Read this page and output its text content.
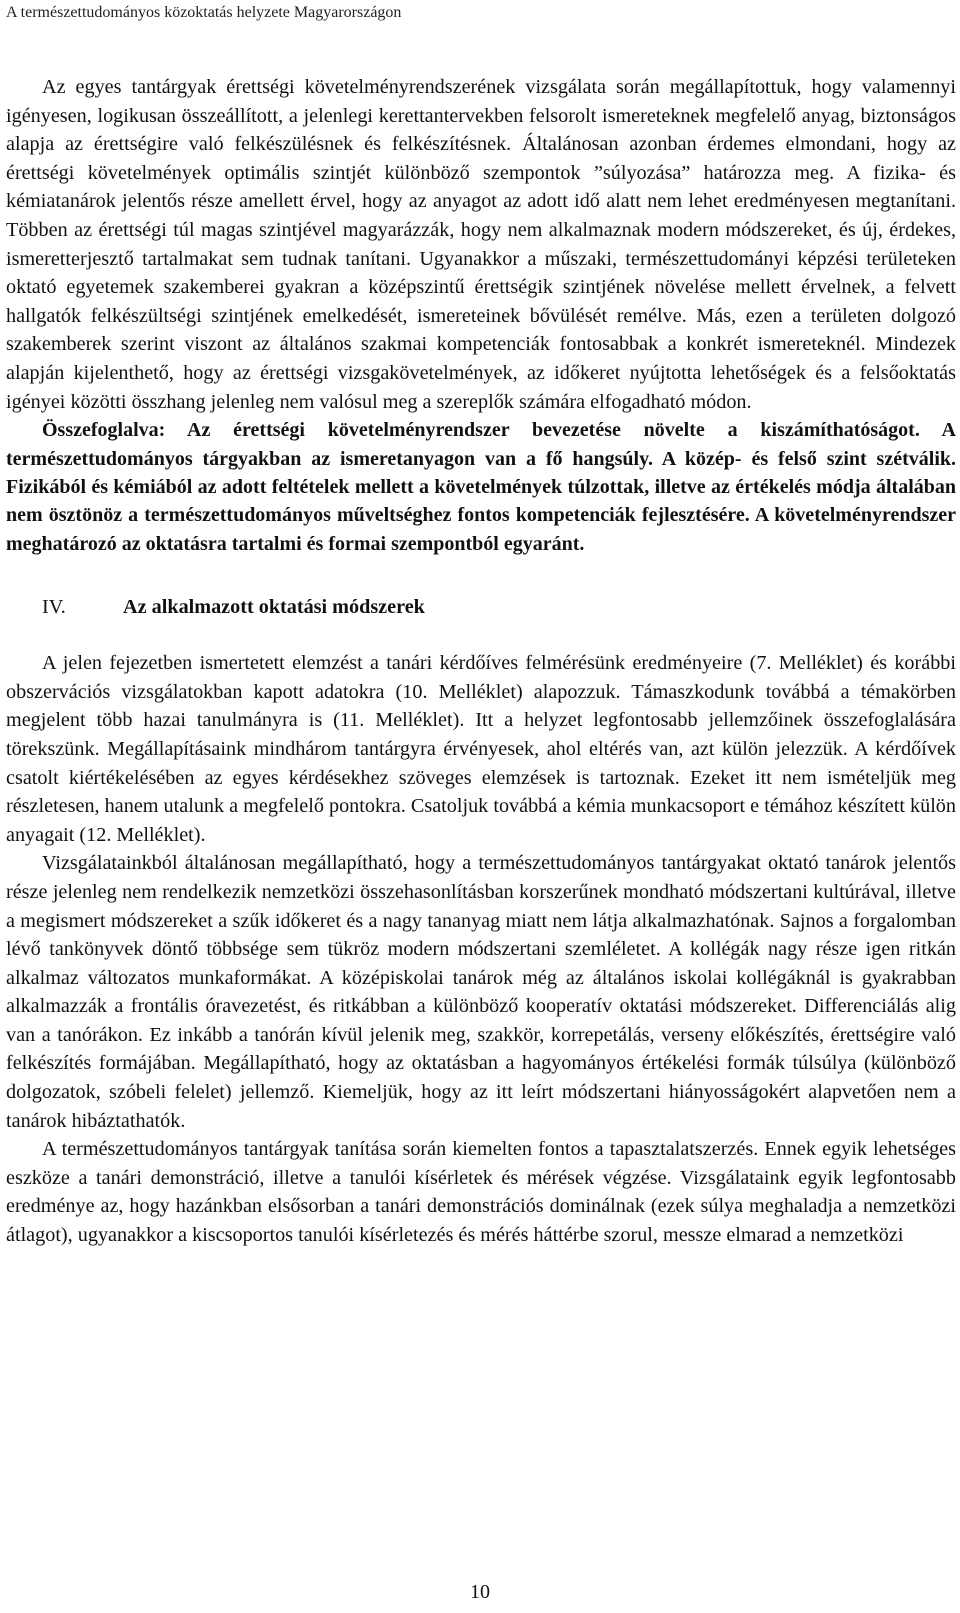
A természettudományos közoktatás helyzete Magyarországon

Az egyes tantárgyak érettségi követelményrendszerének vizsgálata során megállapítottuk, hogy valamennyi igényesen, logikusan összeállított, a jelenlegi kerettantervekben felsorolt ismereteknek megfelelő anyag, biztonságos alapja az érettségire való felkészülésnek és felkészítésnek. Általánosan azonban érdemes elmondani, hogy az érettségi követelmények optimális szintjét különböző szempontok ”súlyozása” határozza meg. A fizika- és kémiatanárok jelentős része amellett érvel, hogy az anyagot az adott idő alatt nem lehet eredményesen megtanítani. Többen az érettségi túl magas szintjével magyarázzák, hogy nem alkalmaznak modern módszereket, és új, érdekes, ismeretterjesztő tartalmakat sem tudnak tanítani. Ugyanakkor a műszaki, természettudományi képzési területeken oktató egyetemek szakemberei gyakran a középszintű érettségik szintjének növelése mellett érvelnek, a felvett hallgatók felkészültségi szintjének emelkedését, ismereteinek bővülését remélve. Más, ezen a területen dolgozó szakemberek szerint viszont az általános szakmai kompetenciák fontosabbak a konkrét ismereteknél. Mindezek alapján kijelenthető, hogy az érettségi vizsgakövetelmények, az időkeret nyújtotta lehetőségek és a felsőoktatás igényei közötti összhang jelenleg nem valósul meg a szereplők számára elfogadható módon.

Összefoglalva: Az érettségi követelményrendszer bevezetése növelte a kiszámíthatóságot. A természettudományos tárgyakban az ismeretanyagon van a fő hangsúly. A közép- és felső szint szétválik. Fizikából és kémiából az adott feltételek mellett a követelmények túlzottak, illetve az értékelés módja általában nem ösztönöz a természettudományos műveltséghez fontos kompetenciák fejlesztésére. A követelményrendszer meghatározó az oktatásra tartalmi és formai szempontból egyaránt.

IV.	Az alkalmazott oktatási módszerek

A jelen fejezetben ismertetett elemzést a tanári kérdőíves felmérésünk eredményeire (7. Melléklet) és korábbi obszervációs vizsgálatokban kapott adatokra (10. Melléklet) alapozzuk. Támaszkodunk továbbá a témakörben megjelent több hazai tanulmányra is (11. Melléklet). Itt a helyzet legfontosabb jellemzőinek összefoglalására törekszünk. Megállapításaink mindhárom tantárgyra érvényesek, ahol eltérés van, azt külön jelezzük. A kérdőívek csatolt kiértékelésében az egyes kérdésekhez szöveges elemzések is tartoznak. Ezeket itt nem ismételjük meg részletesen, hanem utalunk a megfelelő pontokra. Csatoljuk továbbá a kémia munkacsoport e témához készített külön anyagait (12. Melléklet).

Vizsgálatainkból általánosan megállapítható, hogy a természettudományos tantárgyakat oktató tanárok jelentős része jelenleg nem rendelkezik nemzetközi összehasonlításban korszerűnek mondható módszertani kultúrával, illetve a megismert módszereket a szűk időkeret és a nagy tananyag miatt nem látja alkalmazhatónak. Sajnos a forgalomban lévő tankönyvek döntő többsége sem tükröz modern módszertani szemléletet. A kollégák nagy része igen ritkán alkalmaz változatos munkaformákat. A középiskolai tanárok még az általános iskolai kollégáknál is gyakrabban alkalmazzák a frontális óravezetést, és ritkábban a különböző kooperatív oktatási módszereket. Differenciálás alig van a tanórákon. Ez inkább a tanórán kívül jelenik meg, szakkör, korrepetálás, verseny előkészítés, érettségire való felkészítés formájában. Megállapítható, hogy az oktatásban a hagyományos értékelési formák túlsúlya (különböző dolgozatok, szóbeli felelet) jellemző. Kiemeljük, hogy az itt leírt módszertani hiányosságokért alapvetően nem a tanárok hibáztathatók.

A természettudományos tantárgyak tanítása során kiemelten fontos a tapasztalatszerzés. Ennek egyik lehetséges eszköze a tanári demonstráció, illetve a tanulói kísérletek és mérések végzése. Vizsgálataink egyik legfontosabb eredménye az, hogy hazánkban elsősorban a tanári demonstrációs dominálnak (ezek súlya meghaladja a nemzetközi átlagot), ugyanakkor a kiscsoportos tanulói kísérletezés és mérés háttérbe szorul, messze elmarad a nemzetközi

10
